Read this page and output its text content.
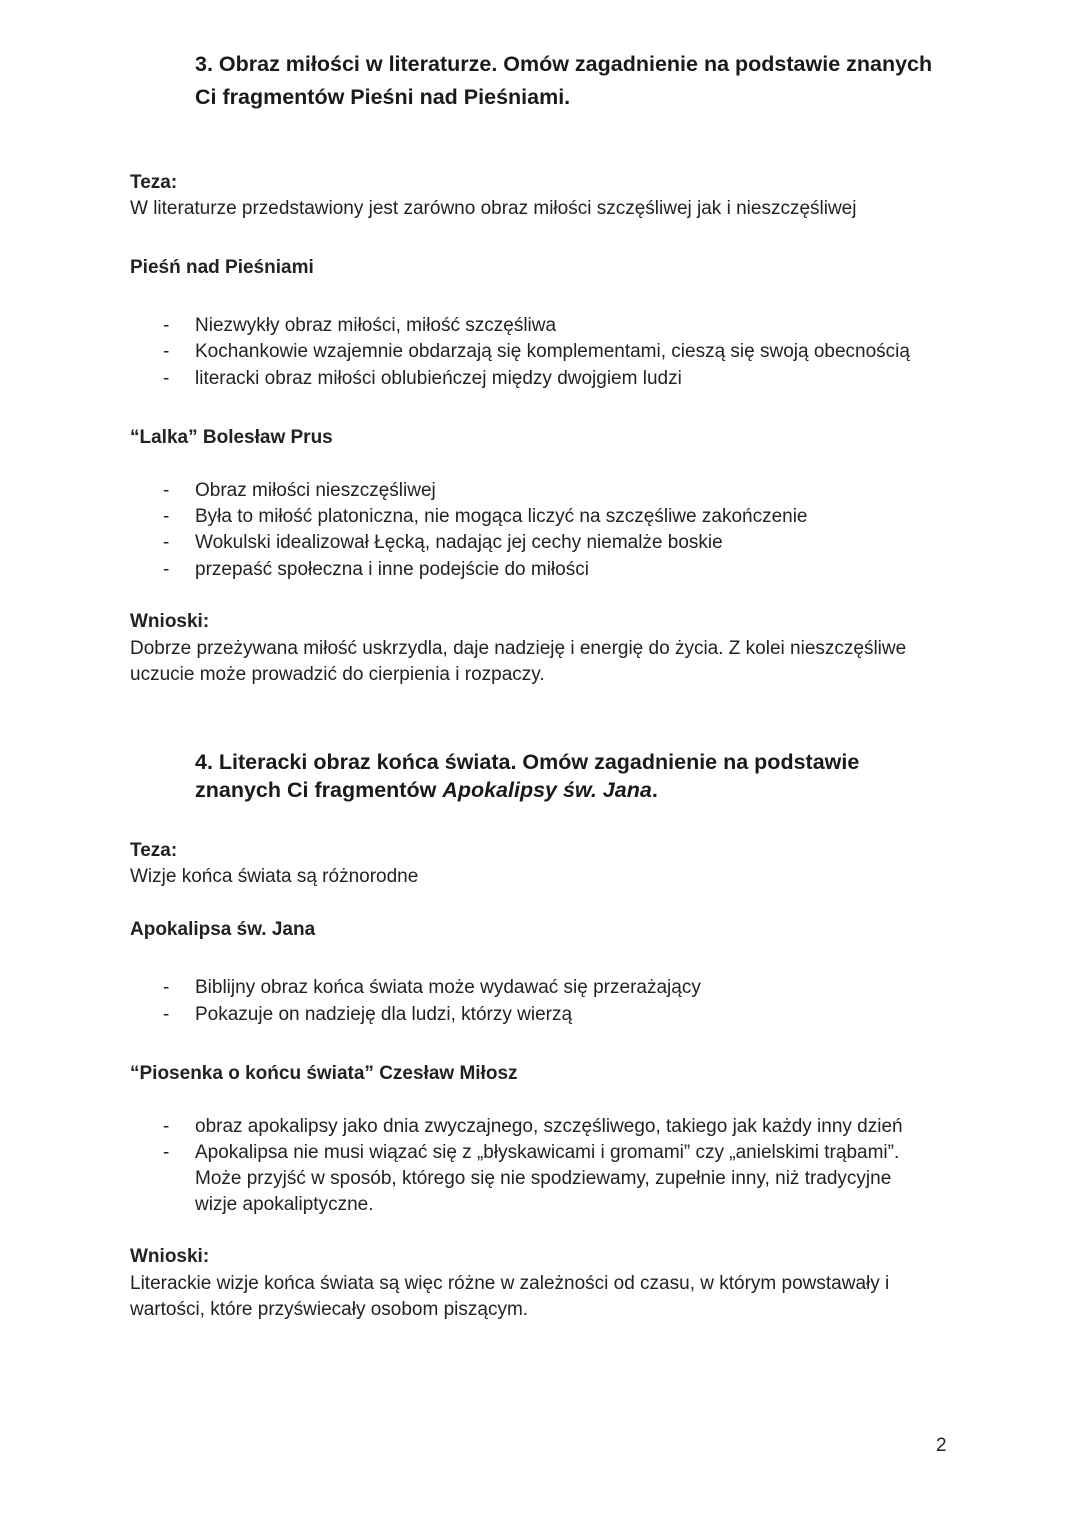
3. Obraz miłości w literaturze. Omów zagadnienie na podstawie znanych
Ci fragmentów Pieśni nad Pieśniami.
Teza:
W literaturze przedstawiony jest zarówno obraz miłości szczęśliwej jak i nieszczęśliwej
Pieśń nad Pieśniami
- Niezwykły obraz miłości, miłość szczęśliwa
- Kochankowie wzajemnie obdarzają się komplementami, cieszą się swoją obecnością
- literacki obraz miłości oblubieńczej między dwojgiem ludzi
“Lalka” Bolesław Prus
- Obraz miłości nieszczęśliwej
- Była to miłość platoniczna, nie mogąca liczyć na szczęśliwe zakończenie
- Wokulski idealizował Łęcką, nadając jej cechy niemalże boskie
- przepaść społeczna i inne podejście do miłości
Wnioski:
Dobrze przeżywana miłość uskrzydla, daje nadzieję i energię do życia. Z kolei nieszczęśliwe
uczucie może prowadzić do cierpienia i rozpaczy.
4. Literacki obraz końca świata. Omów zagadnienie na podstawie
znanych Ci fragmentów Apokalipsy św. Jana.
Teza:
Wizje końca świata są różnorodne
Apokalipsa św. Jana
- Biblijny obraz końca świata może wydawać się przerażający
- Pokazuje on nadzieję dla ludzi, którzy wierzą
“Piosenka o końcu świata” Czesław Miłosz
- obraz apokalipsy jako dnia zwyczajnego, szczęśliwego, takiego jak każdy inny dzień
- Apokalipsa nie musi wiązać się z „błyskawicami i gromami” czy „anielskimi trąbami”.
Może przyjść w sposób, którego się nie spodziewamy, zupełnie inny, niż tradycyjne
wizje apokaliptyczne.
Wnioski:
Literackie wizje końca świata są więc różne w zależności od czasu, w którym powstawały i
wartości, które przyświecały osobom piszącym.
2
